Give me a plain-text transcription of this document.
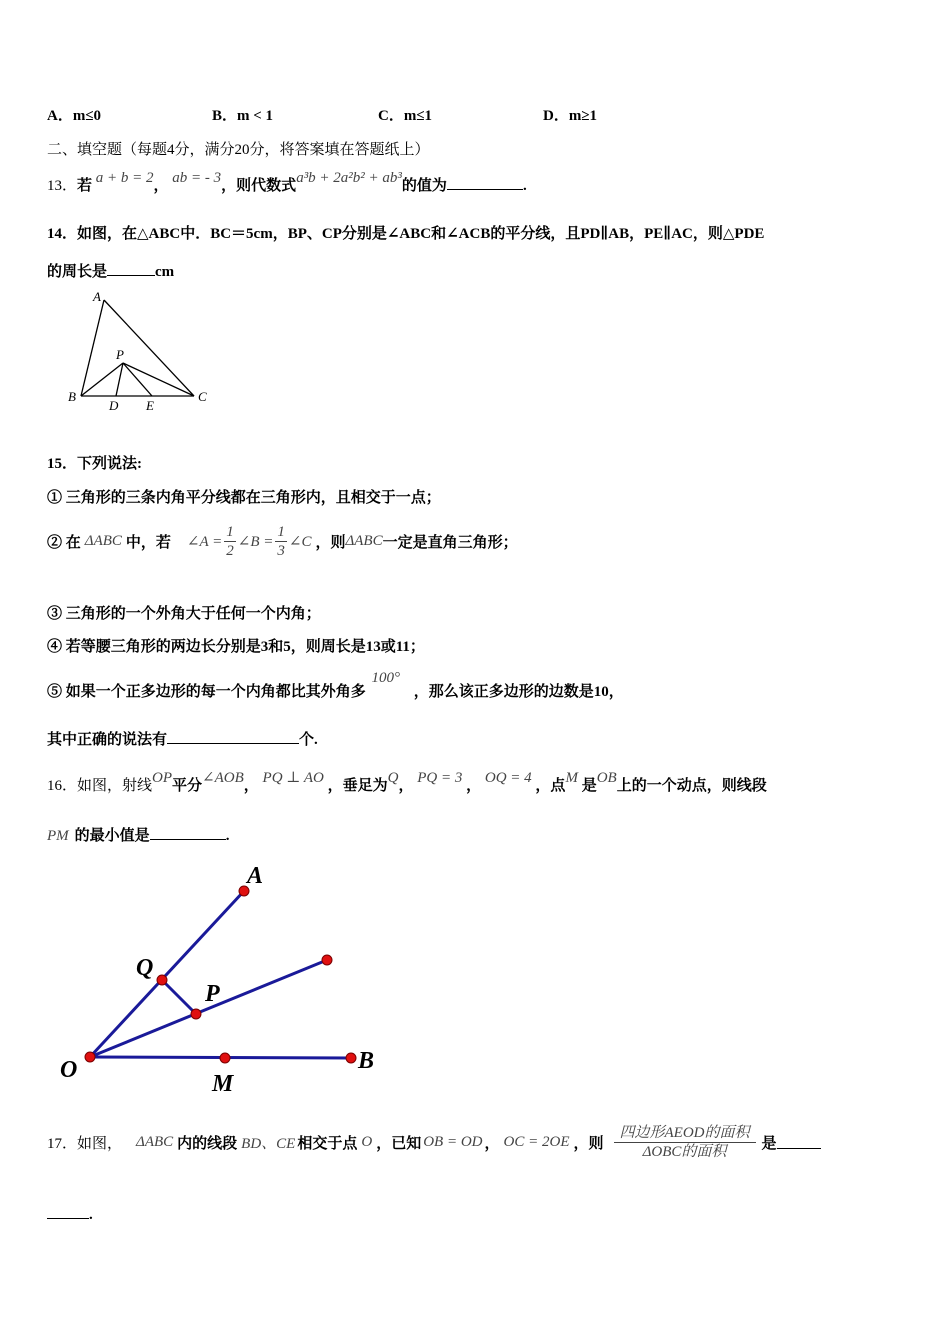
A．m≤0	B．m < 1	C．m≤1	D．m≥1
二、填空题（每题4分，满分20分，将答案填在答题纸上）
13．若 a + b = 2， ab = - 3，则代数式a³b + 2a²b² + ab³的值为	.
14．如图，在△ABC中．BC＝5cm，BP、CP分别是∠ABC和∠ACB的平分线，且PD∥AB，PE∥AC，则△PDE
的周长是	cm
A
P
B
D E
C
15．下列说法:
① 三角形的三条内角平分线都在三角形内，且相交于一点；
② 在 ΔABC 中，若 ∠A = $\frac{1}{2}$ ∠B = $\frac{1}{3}$ ∠C ，则 ΔABC 一定是直角三角形；
③ 三角形的一个外角大于任何一个内角；
④ 若等腰三角形的两边长分别是3和5，则周长是13或11；
⑤ 如果一个正多边形的每一个内角都比其外角多 100° ，那么该正多边形的边数是10，
其中正确的说法有	个.
16．如图，射线OP平分∠AOB， PQ ⊥ AO ，垂足为Q， PQ = 3 ， OQ = 4 ，点M 是OB上的一个动点，则线段
PM 的最小值是	.
A
Q
P
O
M
B
17．如图， ΔABC 内的线段 BD、CE 相交于点 O ，已知 OB = OD ， OC = 2OE ，则 $\frac{\text{四边形AEOD的面积}}{\text{ΔOBC的面积}}$ 是
.
